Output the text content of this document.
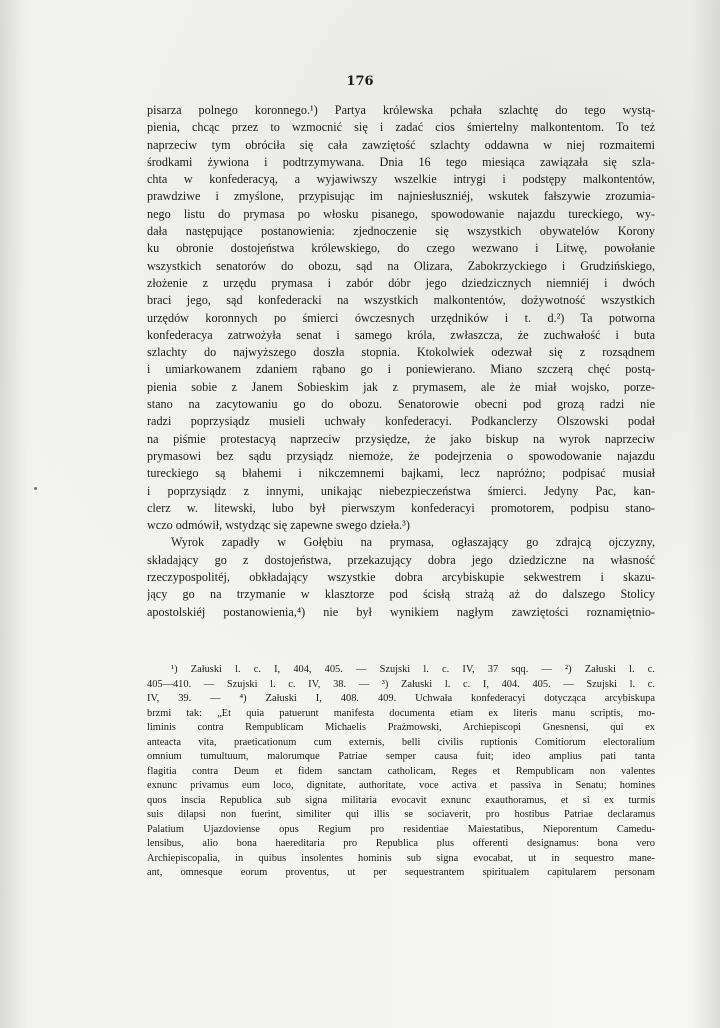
176

pisarza polnego koronnego.¹) Partya królewska pchała szlachtę do tego wystą-

pienia, chcąc przez to wzmocnić się i zadać cios śmiertelny malkontentom. To też

naprzeciw tym obróciła się cała zawziętość szlachty oddawna w niej rozmaitemi

środkami żywiona i podtrzymywana. Dnia 16 tego miesiąca zawiązała się szla-

chta w konfederacyą, a wyjawiwszy wszelkie intrygi i podstępy malkontentów,

prawdziwe i zmyślone, przypisując im najniesłuszniéj, wskutek fałszywie zrozumia-

nego listu do prymasa po włosku pisanego, spowodowanie najazdu tureckiego, wy-

dała następujące postanowienia: zjednoczenie się wszystkich obywatelów Korony

ku obronie dostojeństwa królewskiego, do czego wezwano i Litwę, powołanie

wszystkich senatorów do obozu, sąd na Olizara, Zabokrzyckiego i Grudzińskiego,

złożenie z urzędu prymasa i zabór dóbr jego dziedzicznych niemniéj i dwóch

braci jego, sąd konfederacki na wszystkich malkontentów, dożywotność wszystkich

urzędów koronnych po śmierci ówczesnych urzędników i t. d.²) Ta potworna

konfederacya zatrwożyła senat i samego króla, zwłaszcza, że zuchwałość i buta

szlachty do najwyższego doszła stopnia. Ktokolwiek odezwał się z rozsądnem

i umiarkowanem zdaniem rąbano go i poniewierano. Miano szczerą chęć postą-

pienia sobie z Janem Sobieskim jak z prymasem, ale że miał wojsko, porze-

stano na zacytowaniu go do obozu. Senatorowie obecni pod grozą radzi nie

radzi poprzysiądz musieli uchwały konfederacyi. Podkanclerzy Olszowski podał

na piśmie protestacyą naprzeciw przysiędze, że jako biskup na wyrok naprzeciw

prymasowi bez sądu przysiądz niemoże, że podejrzenia o spowodowanie najazdu

tureckiego są błahemi i nikczemnemi bajkami, lecz napróżno; podpisać musiał

i poprzysiądz z innymi, unikając niebezpieczeństwa śmierci. Jedyny Pac, kan-

clerz w. litewski, lubo był pierwszym konfederacyi promotorem, podpisu stano-

wczo odmówił, wstydząc się zapewne swego dzieła.³)

Wyrok zapadły w Gołębiu na prymasa, ogłaszający go zdrajcą ojczyzny,

składający go z dostojeństwa, przekazujący dobra jego dziedziczne na własność

rzeczypospolitéj, obkładający wszystkie dobra arcybiskupie sekwestrem i skazu-

jący go na trzymanie w klasztorze pod ścisłą strażą aż do dalszego Stolicy

apostolskiéj postanowienia,⁴) nie był wynikiem nagłym zawziętości roznamiętnio-

¹) Załuski l. c. I, 404, 405. — Szujski l. c. IV, 37 sqq. — ²) Załuski l. c.

405—410. — Szujski l. c. IV, 38. — ³) Załuski l. c. I, 404. 405. — Szujski l. c.

IV, 39. — ⁴) Załuski I, 408. 409. Uchwała konfederacyi dotycząca arcybiskupa

brzmi tak: „Et quia patuerunt manifesta documenta etiam ex literis manu scriptis, mo-

liminis contra Rempublicam Michaelis Prażmowski, Archiepiscopi Gnesnensi, qui ex

anteacta vita, praeticationum cum externis, belli civilis ruptionis Comitiorum electoralium

omnium tumultuum, malorumque Patriae semper causa fuit; ideo amplius pati tanta

flagitia contra Deum et fidem sanctam catholicam, Reges et Rempublicam non valentes

exnunc privamus eum loco, dignitate, authoritate, voce activa et passiva in Senatu; homines

quos inscia Republica sub signa militaria evocavit exnunc exauthoramus, et si ex turmis

suis dilapsi non fuerint, similiter qui illis se sociaverit, pro hostibus Patriae declaramus

Palatium Ujazdoviense opus Regium pro residentiae Maiestatibus, Nieporentum Camedu-

lensibus, alio bona haereditaria pro Republica plus offerenti designamus: bona vero

Archiepiscopalia, in quibus insolentes hominis sub signa evocabat, ut in sequestro mane-

ant, omnesque eorum proventus, ut per sequestrantem spiritualem capitularem personam
